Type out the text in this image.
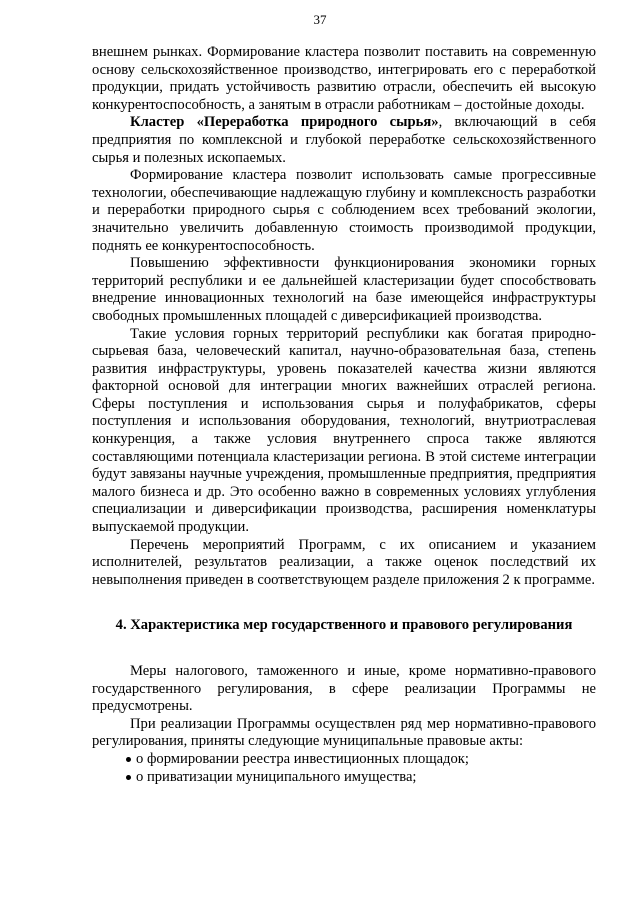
37

внешнем рынках. Формирование кластера позволит поставить на современную основу сельскохозяйственное производство, интегрировать его с переработкой продукции, придать устойчивость развитию отрасли, обеспечить ей высокую конкурентоспособность, а занятым в отрасли работникам – достойные доходы.

Кластер «Переработка природного сырья», включающий в себя предприятия по комплексной и глубокой переработке сельскохозяйственного сырья и полезных ископаемых.

Формирование кластера позволит использовать самые прогрессивные технологии, обеспечивающие надлежащую глубину и комплексность разработки и переработки природного сырья с соблюдением всех требований экологии, значительно увеличить добавленную стоимость производимой продукции, поднять ее конкурентоспособность.

Повышению эффективности функционирования экономики горных территорий республики и ее дальнейшей кластеризации будет способствовать внедрение инновационных технологий на базе имеющейся инфраструктуры свободных промышленных площадей с диверсификацией производства.

Такие условия горных территорий республики как богатая природно-сырьевая база, человеческий капитал, научно-образовательная база, степень развития инфраструктуры, уровень показателей качества жизни являются факторной основой для интеграции многих важнейших отраслей региона. Сферы поступления и использования сырья и полуфабрикатов, сферы поступления и использования оборудования, технологий, внутриотраслевая конкуренция, а также условия внутреннего спроса также являются составляющими потенциала кластеризации региона. В этой системе интеграции будут завязаны научные учреждения, промышленные предприятия, предприятия малого бизнеса и др. Это особенно важно в современных условиях углубления специализации и диверсификации производства, расширения номенклатуры выпускаемой продукции.

Перечень мероприятий Программ, с их описанием и указанием исполнителей, результатов реализации, а также оценок последствий их невыполнения приведен в соответствующем разделе приложения 2 к программе.

4. Характеристика мер государственного и правового регулирования

Меры налогового, таможенного и иные, кроме нормативно-правового государственного регулирования, в сфере реализации Программы не предусмотрены.

При реализации Программы осуществлен ряд мер нормативно-правового регулирования, приняты следующие муниципальные правовые акты:

о формировании реестра инвестиционных площадок;
о приватизации муниципального имущества;
